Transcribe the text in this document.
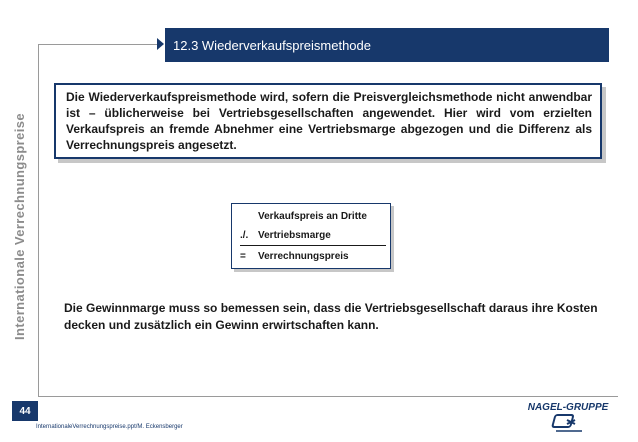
12.3 Wiederverkaufspreismethode
Internationale Verrechnungspreise
Die Wiederverkaufspreismethode wird, sofern die Preisvergleichsmethode nicht anwendbar ist – üblicherweise bei Vertriebsgesellschaften angewendet. Hier wird vom erzielten Verkaufspreis an fremde Abnehmer eine Vertriebsmarge abgezogen und die Differenz als Verrechnungspreis angesetzt.
Verkaufspreis an Dritte
./. Vertriebsmarge
= Verrechnungspreis
Die Gewinnmarge muss so bemessen sein, dass die Vertriebsgesellschaft daraus ihre Kosten decken und zusätzlich ein Gewinn erwirtschaften kann.
44
InternationaleVerrechnungspreise.ppt/M. Eckensberger
NAGEL-GRUPPE
